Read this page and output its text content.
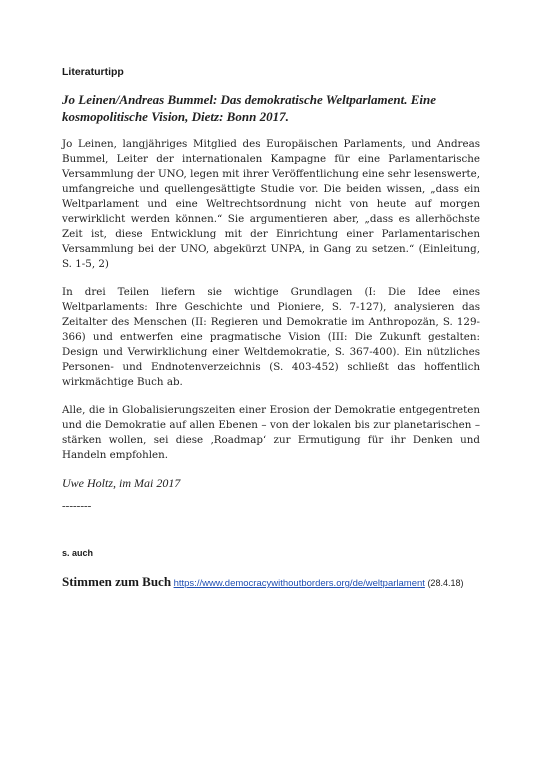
Literaturtipp
Jo Leinen/Andreas Bummel: Das demokratische Weltparlament. Eine kosmopolitische Vision, Dietz: Bonn 2017.

Jo Leinen, langjähriges Mitglied des Europäischen Parlaments, und Andreas Bummel, Leiter der internationalen Kampagne für eine Parlamentarische Versammlung der UNO, legen mit ihrer Veröffentlichung eine sehr lesenswerte, umfangreiche und quellengesättigte Studie vor. Die beiden wissen, „dass ein Weltparlament und eine Weltrechtsordnung nicht von heute auf morgen verwirklicht werden können.“ Sie argumentieren aber, „dass es allerhöchste Zeit ist, diese Entwicklung mit der Einrichtung einer Parlamentarischen Versammlung bei der UNO, abgekürzt UNPA, in Gang zu setzen.“ (Einleitung, S. 1-5, 2)

In drei Teilen liefern sie wichtige Grundlagen (I: Die Idee eines Weltparlaments: Ihre Geschichte und Pioniere, S. 7-127), analysieren das Zeitalter des Menschen (II: Regieren und Demokratie im Anthropozän, S. 129-366) und entwerfen eine pragmatische Vision (III: Die Zukunft gestalten: Design und Verwirklichung einer Weltdemokratie, S. 367-400). Ein nützliches Personen- und Endnotenverzeichnis (S. 403-452) schließt das hoffentlich wirkmächtige Buch ab.

Alle, die in Globalisierungszeiten einer Erosion der Demokratie entgegentreten und die Demokratie auf allen Ebenen – von der lokalen bis zur planetarischen – stärken wollen, sei diese ‚Roadmap‘ zur Ermutigung für ihr Denken und Handeln empfohlen.

Uwe Holtz, im Mai 2017
--------
s. auch
Stimmen zum Buch https://www.democracywithoutborders.org/de/weltparlament (28.4.18)
